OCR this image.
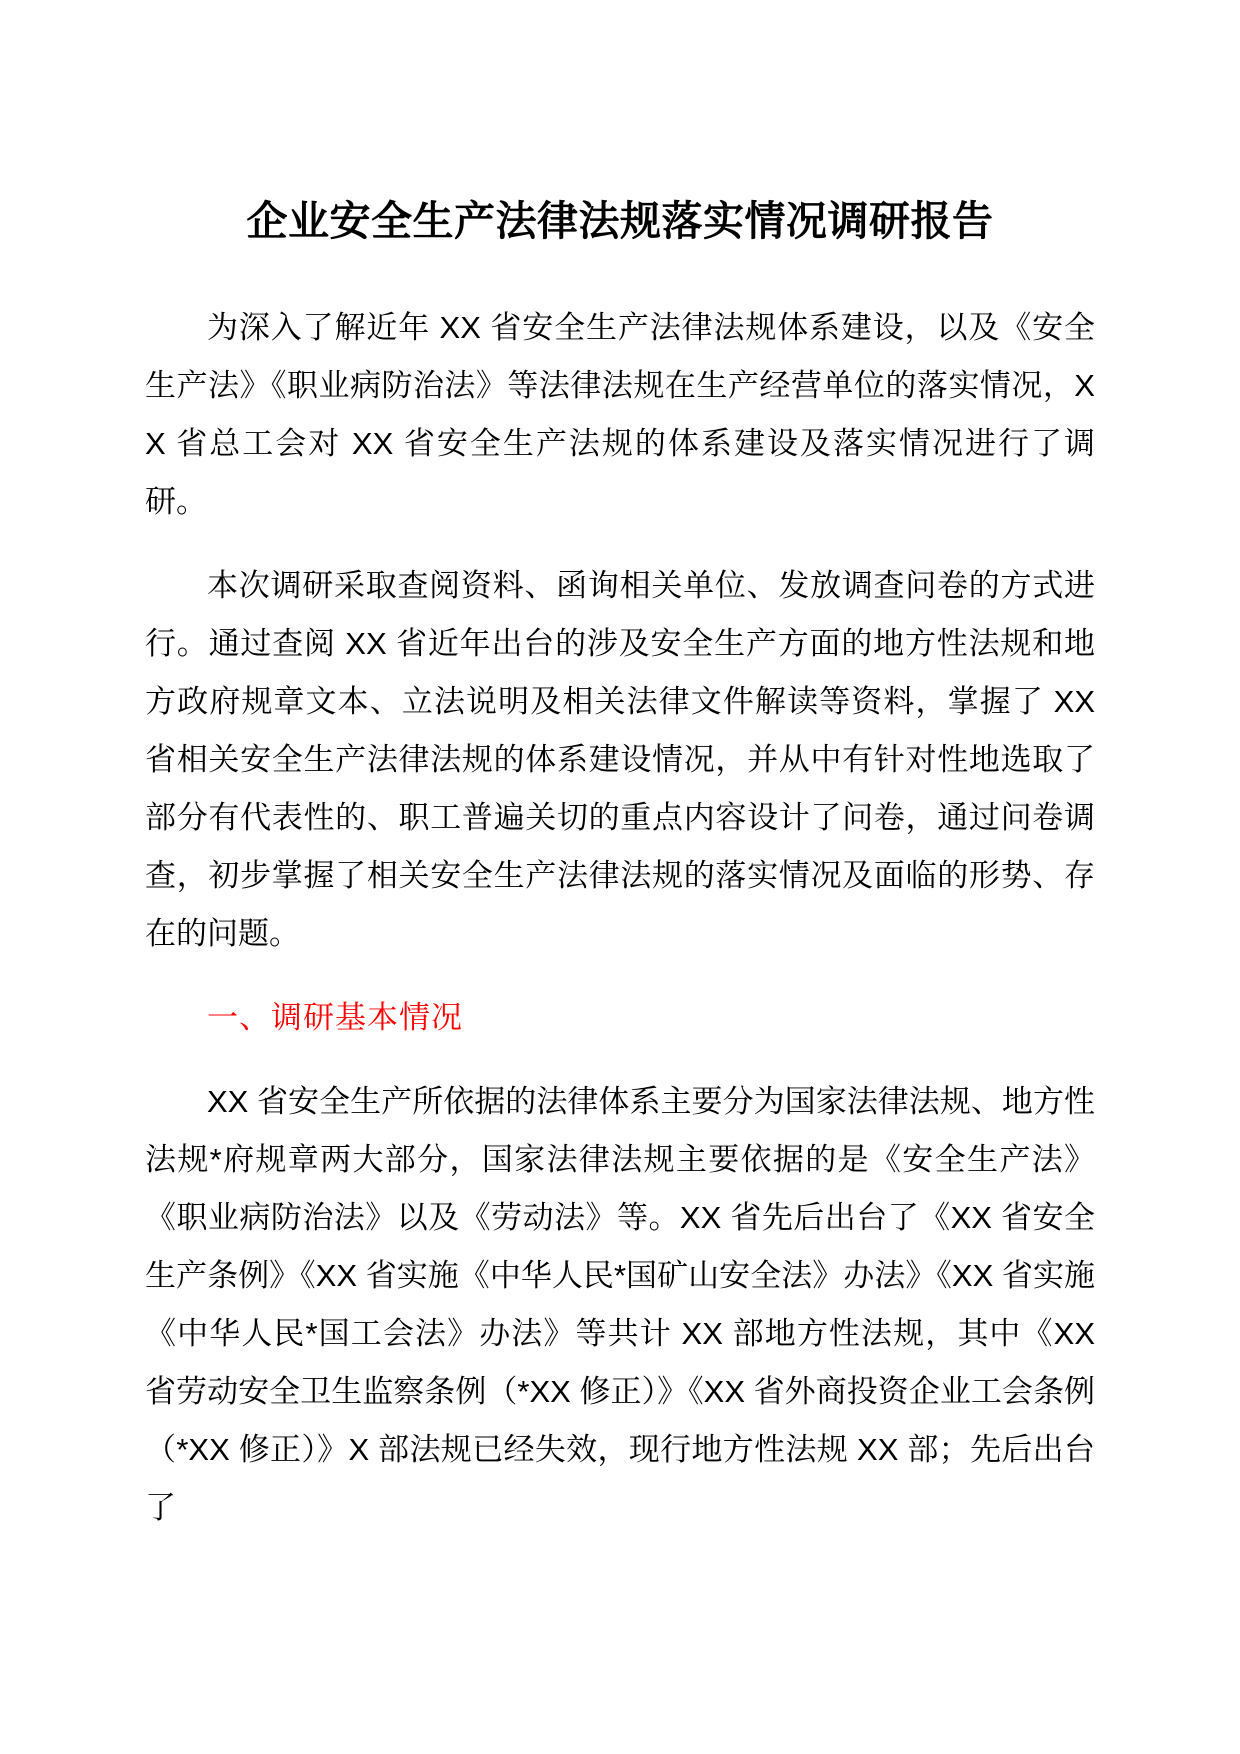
企业安全生产法律法规落实情况调研报告

为深入了解近年 XX 省安全生产法律法规体系建设，以及《安全生产法》《职业病防治法》等法律法规在生产经营单位的落实情况，XX 省总工会对 XX 省安全生产法规的体系建设及落实情况进行了调研。

本次调研采取查阅资料、函询相关单位、发放调查问卷的方式进行。通过查阅 XX 省近年出台的涉及安全生产方面的地方性法规和地方政府规章文本、立法说明及相关法律文件解读等资料，掌握了 XX 省相关安全生产法律法规的体系建设情况，并从中有针对性地选取了部分有代表性的、职工普遍关切的重点内容设计了问卷，通过问卷调查，初步掌握了相关安全生产法律法规的落实情况及面临的形势、存在的问题。

一、调研基本情况

XX 省安全生产所依据的法律体系主要分为国家法律法规、地方性法规*府规章两大部分，国家法律法规主要依据的是《安全生产法》《职业病防治法》以及《劳动法》等。XX 省先后出台了《XX 省安全生产条例》《XX 省实施《中华人民*国矿山安全法》办法》《XX 省实施《中华人民*国工会法》办法》等共计 XX 部地方性法规，其中《XX 省劳动安全卫生监察条例（*XX 修正）》《XX 省外商投资企业工会条例（*XX 修正）》X 部法规已经失效，现行地方性法规 XX 部；先后出台了
